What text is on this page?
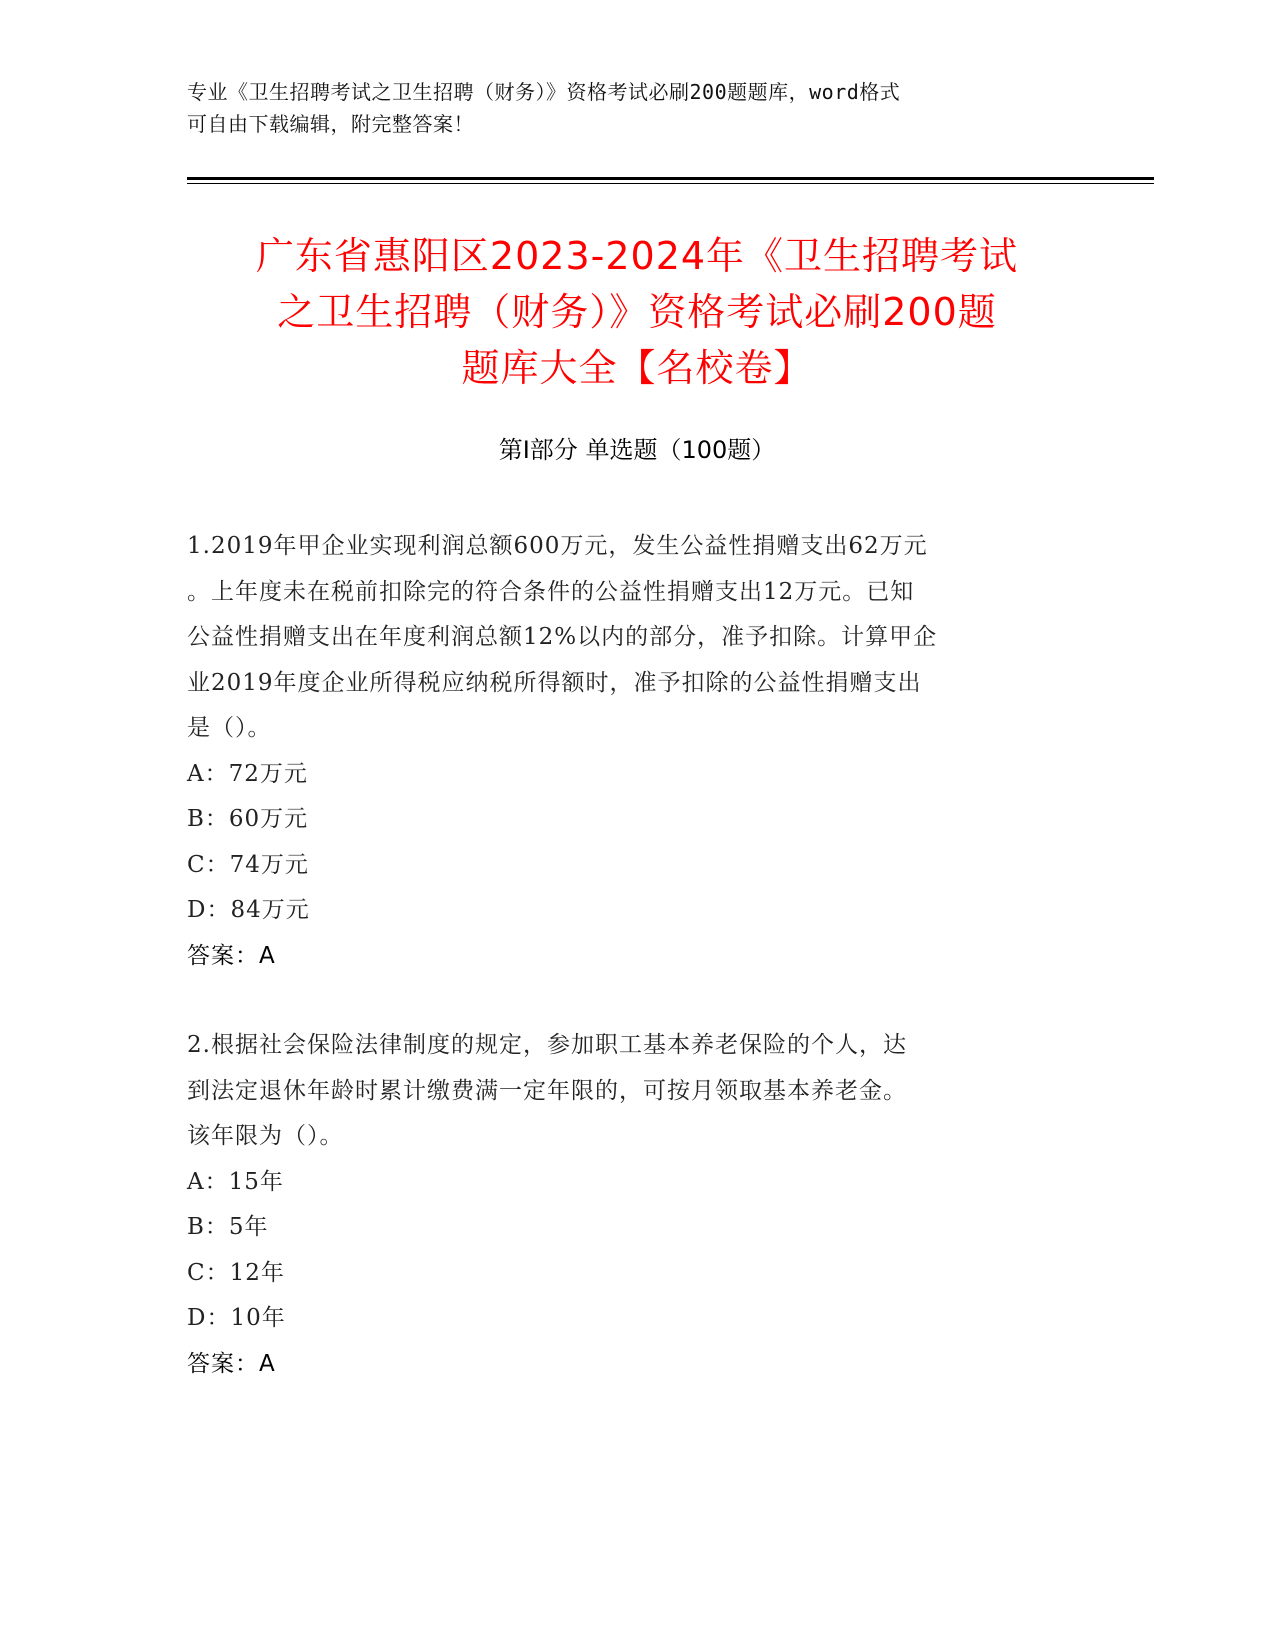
专业《卫生招聘考试之卫生招聘（财务）》资格考试必刷200题题库，word格式
可自由下载编辑，附完整答案！
广东省惠阳区2023-2024年《卫生招聘考试
之卫生招聘（财务）》资格考试必刷200题
题库大全【名校卷】
第I部分 单选题（100题）
1.2019年甲企业实现利润总额600万元，发生公益性捐赠支出62万元
。上年度未在税前扣除完的符合条件的公益性捐赠支出12万元。已知
公益性捐赠支出在年度利润总额12%以内的部分，准予扣除。计算甲企
业2019年度企业所得税应纳税所得额时，准予扣除的公益性捐赠支出
是（）。
A：72万元
B：60万元
C：74万元
D：84万元
答案：A
2.根据社会保险法律制度的规定，参加职工基本养老保险的个人，达
到法定退休年龄时累计缴费满一定年限的，可按月领取基本养老金。
该年限为（）。
A：15年
B：5年
C：12年
D：10年
答案：A
